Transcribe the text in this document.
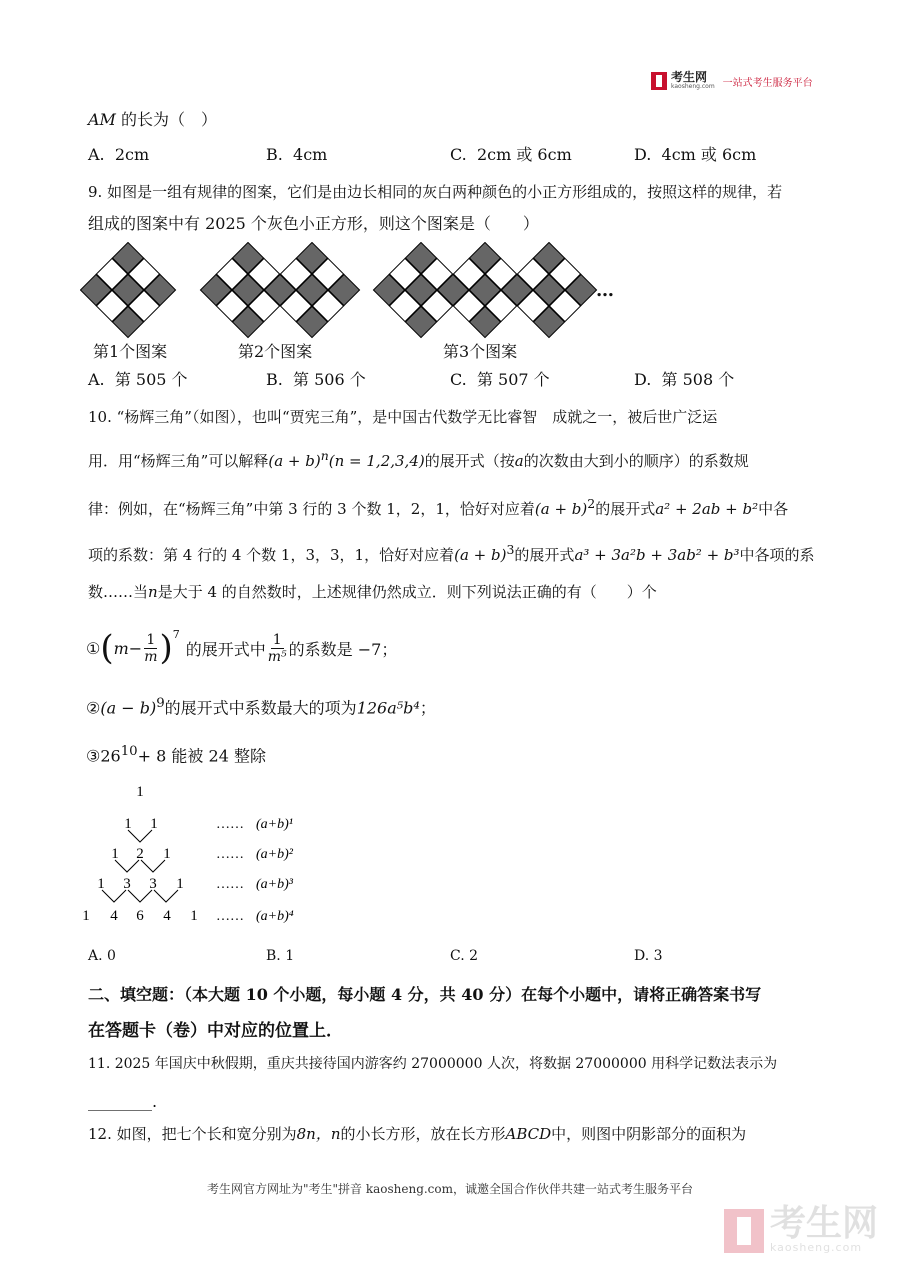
考生网
kaosheng.com 一站式考生服务平台
AM 的长为（　）
A. 2cm	B. 4cm	C. 2cm 或 6cm	D. 4cm 或 6cm
9. 如图是一组有规律的图案，它们是由边长相同的灰白两种颜色的小正方形组成的，按照这样的规律，若
组成的图案中有 2025 个灰色小正方形，则这个图案是（　　）
…
第1个图案	第2个图案	第3个图案
A. 第 505 个	B. 第 506 个	C. 第 507 个	D. 第 508 个
10. “杨辉三角”（如图），也叫“贾宪三角”，是中国古代数学无比睿智　成就之一，被后世广泛运
用．用“杨辉三角”可以解释$(a + b)^n(n = 1,2,3,4)$的展开式（按a的次数由大到小的顺序）的系数规
律：例如，在“杨辉三角”中第 3 行的 3 个数 1，2，1，恰好对应着$(a + b)^2$的展开式a² + 2ab + b²中各
项的系数：第 4 行的 4 个数 1，3，3，1，恰好对应着$(a + b)^3$的展开式a³ + 3a²b + 3ab² + b³中各项的系
数……当n是大于 4 的自然数时，上述规律仍然成立．则下列说法正确的有（　　）个
① ( $m - \frac{1}{m} )^7$
的展开式中 $\frac{1}{\text{m⁵}}$ 的系数是 −7；
②(a − b)$^9$的展开式中系数最大的项为126a⁵b⁴；
$③26^{10}+ 8$ 能被 24 整除
1
1 1
1 2 1
1 3 3 1
1 4 6 4 1
…… (a+b)¹
…… (a+b)²
…… (a+b)³
…… (a+b)⁴
A. 0	B. 1	C. 2	D. 3
二、填空题：（本大题 10 个小题，每小题 4 分，共 40 分）在每个小题中，请将正确答案书写
在答题卡（卷）中对应的位置上．
11. 2025 年国庆中秋假期，重庆共接待国内游客约 27000000 人次，将数据 27000000 用科学记数法表示为
________.
12. 如图，把七个长和宽分别为8n，n的小长方形，放在长方形ABCD中，则图中阴影部分的面积为
考生网官方网址为"考生"拼音 kaosheng.com，诚邀全国合作伙伴共建一站式考生服务平台
考生网
kaosheng.com
